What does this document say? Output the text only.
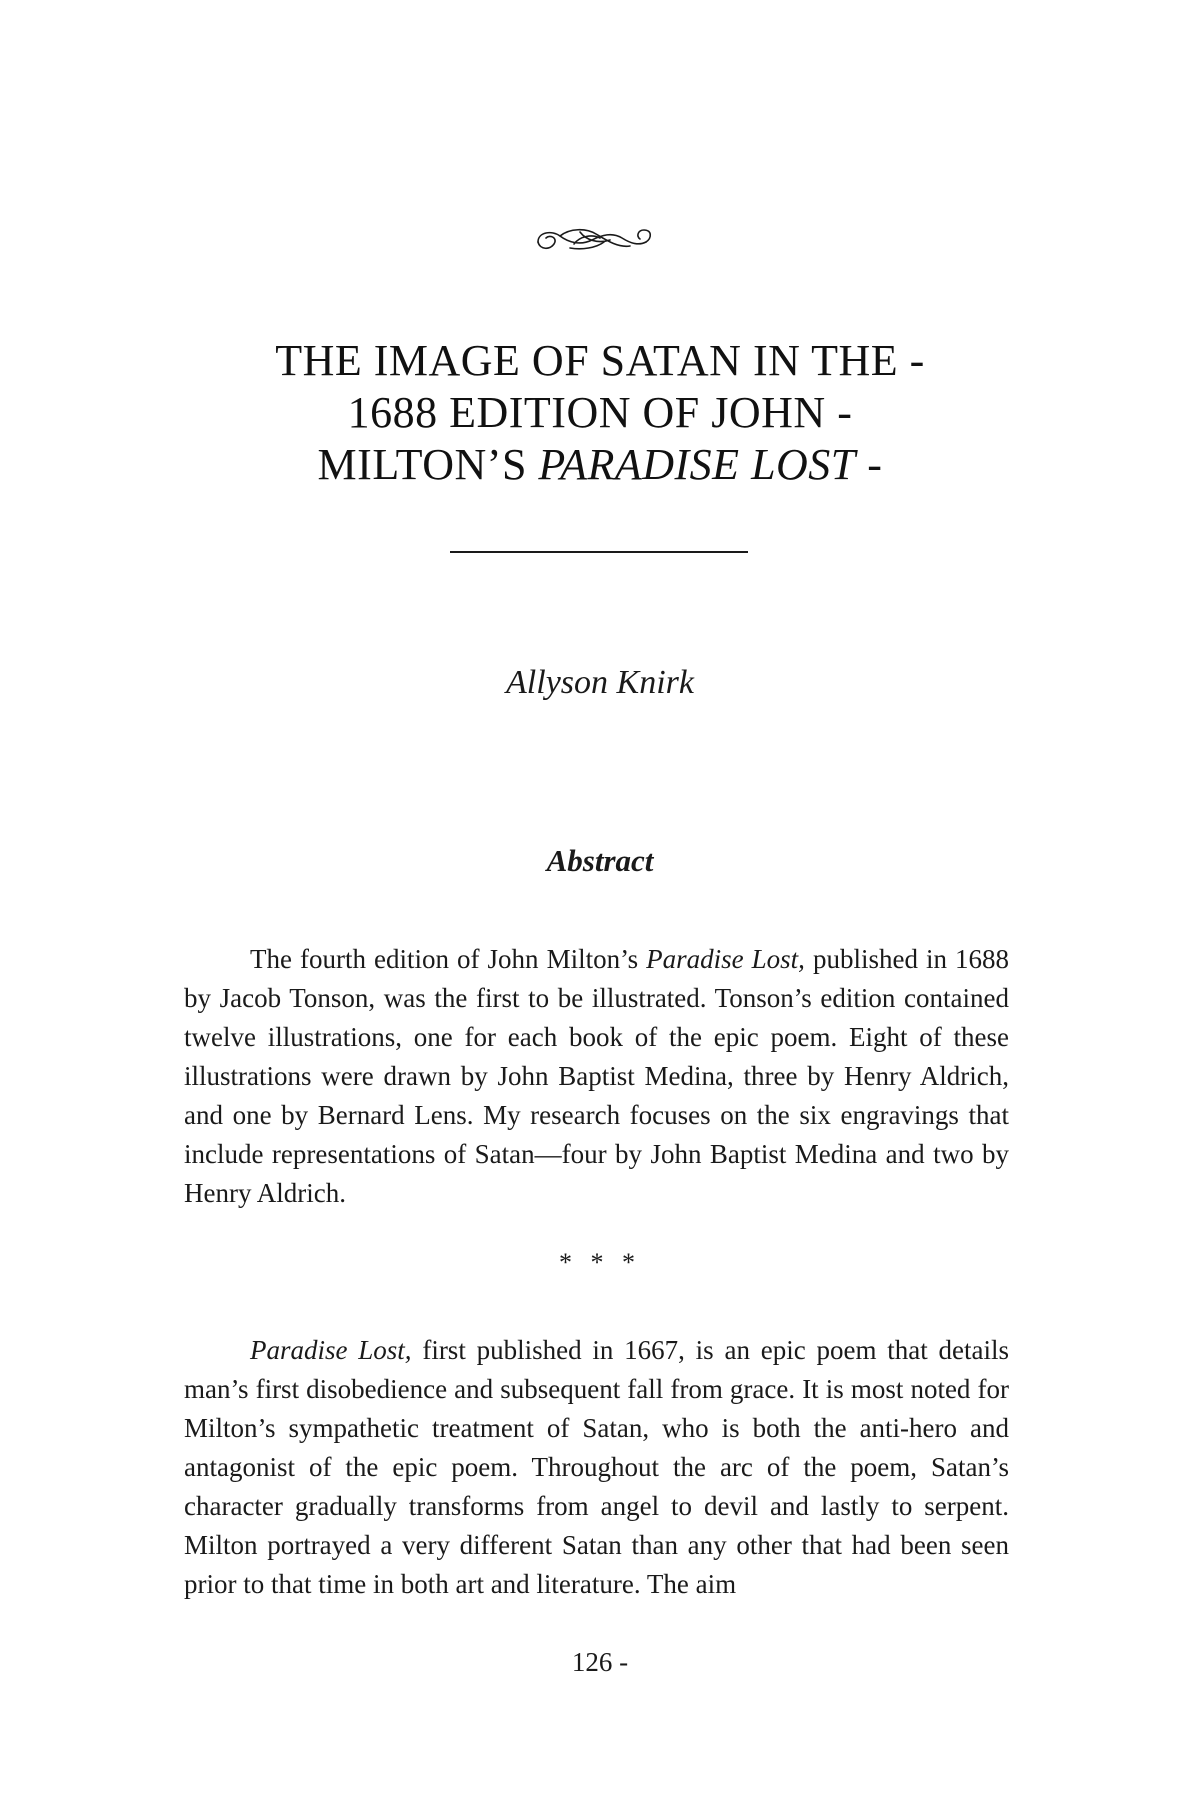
THE IMAGE OF SATAN IN THE -
1688 EDITION OF JOHN -
MILTON’S PARADISE LOST -
Allyson Knirk
Abstract

The fourth edition of John Milton’s Paradise Lost, published in 1688 by Jacob Tonson, was the first to be illustrated. Tonson’s edition contained twelve illustrations, one for each book of the epic poem. Eight of these illustrations were drawn by John Baptist Medina, three by Henry Aldrich, and one by Bernard Lens. My research focuses on the six engravings that include representations of Satan—four by John Baptist Medina and two by Henry Aldrich.

* * *

Paradise Lost, first published in 1667, is an epic poem that details man’s first disobedience and subsequent fall from grace. It is most noted for Milton’s sympathetic treatment of Satan, who is both the anti-hero and antagonist of the epic poem. Throughout the arc of the poem, Satan’s character gradually transforms from angel to devil and lastly to serpent. Milton portrayed a very different Satan than any other that had been seen prior to that time in both art and literature. The aim

126 -
